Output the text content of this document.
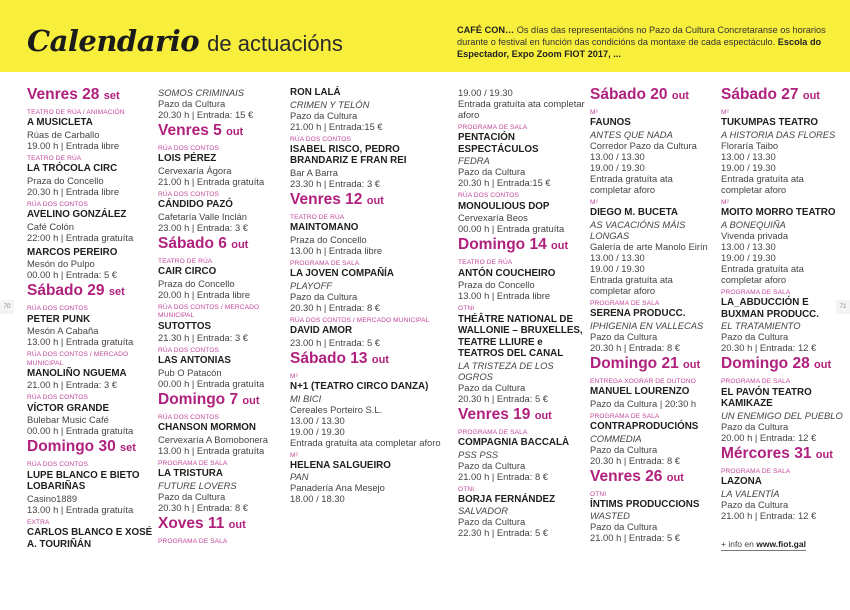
Calendario de actuacións
CAFÉ CON… Os días das representacións no Pazo da Cultura Concretaranse os horarios durante o festival en función das condicións da montaxe de cada espectáculo. Escola do Espectador, Expo Zoom FIOT 2017, ...
70	71
Venres 28 set
TEATRO DE RÚA / ANIMACIÓN
A MUSICLETA
Rúas de Carballo
19.00 h | Entrada libre
TEATRO DE RÚA
LA TRÓCOLA CIRC
Praza do Concello
20.30 h | Entrada libre
RÚA DOS CONTOS
AVELINO GONZÁLEZ
Café Colón
22:00 h | Entrada gratuíta
MARCOS PEREIRO
Mesón do Pulpo
00.00 h | Entrada: 5 €
Sábado 29 set
RÚA DOS CONTOS
PETER PUNK
Mesón A Cabaña
13.00 h | Entrada gratuíta
RÚA DOS CONTOS / MERCADO MUNICIPAL
MANOLIÑO NGUEMA
21.00 h | Entrada: 3 €
RÚA DOS CONTOS
VÍCTOR GRANDE
Bulebar Music Café
00.00 h | Entrada gratuíta
Domingo 30 set
RÚA DOS CONTOS
LUPE BLANCO E BIETO LOBARIÑAS
Casino1889
13.00 h | Entrada gratuíta
EXTRA
CARLOS BLANCO E XOSÉ A. TOURIÑÁN
SOMOS CRIMINAIS
Pazo da Cultura
20.30 h | Entrada: 15 €
Venres 5 out
RÚA DOS CONTOS
LOIS PÉREZ
Cervexaría Ágora
21.00 h | Entrada gratuíta
RÚA DOS CONTOS
CÁNDIDO PAZÓ
Cafetaría Valle Inclán
23.00 h | Entrada: 3 €
Sábado 6 out
TEATRO DE RÚA
CAIR CIRCO
Praza do Concello
20.00 h | Entrada libre
RÚA DOS CONTOS / MERCADO MUNICIPAL
SUTOTTOS
21.30 h | Entrada: 3 €
RÚA DOS CONTOS
LAS ANTONIAS
Pub O Patacón
00.00 h | Entrada gratuíta
Domingo 7 out
RÚA DOS CONTOS
CHANSON MORMON
Cervexaría A Bomobonera
13.00 h | Entrada gratuíta
PROGRAMA DE SALA
LA TRISTURA
FUTURE LOVERS
Pazo da Cultura
20.30 h | Entrada: 8 €
Xoves 11 out
PROGRAMA DE SALA
RON LALÁ
CRIMEN Y TELÓN
Pazo da Cultura
21.00 h | Entrada:15 €
RÚA DOS CONTOS
ISABEL RISCO, PEDRO BRANDARIZ E FRAN REI
Bar A Barra
23.30 h | Entrada: 3 €
Venres 12 out
TEATRO DE RÚA
MAINTOMANO
Praza do Concello
13.00 h | Entrada libre
PROGRAMA DE SALA
LA JOVEN COMPAÑÍA
PLAYOFF
Pazo da Cultura
20.30 h | Entrada: 8 €
RÚA DOS CONTOS / MERCADO MUNICIPAL
DAVID AMOR
23.00 h | Entrada: 5 €
Sábado 13 out
M²
N+1 (TEATRO CIRCO DANZA)
MI BICI
Cereales Porteiro S.L.
13.00 / 13.30
19.00 / 19.30
Entrada gratuíta ata completar aforo
M²
HELENA SALGUEIRO
PAN
Panadería Ana Mesejo
18.00 / 18.30
19.00 / 19.30
Entrada gratuíta ata completar aforo
PROGRAMA DE SALA
PENTACIÓN ESPECTÁCULOS
FEDRA
Pazo da Cultura
20.30 h | Entrada:15 €
RÚA DOS CONTOS
MONOULIOUS DOP
Cervexaría Beos
00.00 h | Entrada gratuíta
Domingo 14 out
TEATRO DE RÚA
ANTÓN COUCHEIRO
Praza do Concello
13.00 h | Entrada libre
OTNI
THÉÂTRE NATIONAL DE WALLONIE – BRUXELLES, TEATRE LLIURE e TEATROS DEL CANAL
LA TRISTEZA DE LOS OGROS
Pazo da Cultura
20.30 h | Entrada: 5 €
Venres 19 out
PROGRAMA DE SALA
COMPAGNIA BACCALÀ
PSS PSS
Pazo da Cultura
21.00 h | Entrada: 8 €
OTNI
BORJA FERNÁNDEZ
SALVADOR
Pazo da Cultura
22.30 h | Entrada: 5 €
Sábado 20 out
M²
FAUNOS
ANTES QUE NADA
Corredor Pazo da Cultura
13.00 / 13.30
19.00 / 19.30
Entrada gratuíta ata completar aforo
M²
DIEGO M. BUCETA
AS VACACIÓNS MÁIS LONGAS
Galería de arte Manolo Eirín
13.00 / 13.30
19.00 / 19.30
Entrada gratuíta ata completar aforo
PROGRAMA DE SALA
SERENA PRODUCC.
IPHIGENIA EN VALLECAS
Pazo da Cultura
20.30 h | Entrada: 8 €
Domingo 21 out
ENTREGA XOGRAR DE OUTONO
MANUEL LOURENZO
Pazo da Cultura | 20:30 h
PROGRAMA DE SALA
CONTRAPRODUCIÓNS
COMMEDIA
Pazo da Cultura
20.30 h | Entrada: 8 €
Venres 26 out
OTNI
ÍNTIMS PRODUCCIONS
WASTED
Pazo da Cultura
21.00 h | Entrada: 5 €
Sábado 27 out
M²
TUKUMPAS TEATRO
A HISTORIA DAS FLORES
Floraría Taibo
13.00 / 13.30
19.00 / 19.30
Entrada gratuíta ata completar aforo
M²
MOITO MORRO TEATRO
A BONEQUIÑA
Vivenda privada
13.00 / 13.30
19.00 / 19.30
Entrada gratuíta ata completar aforo
PROGRAMA DE SALA
LA_ABDUCCIÓN E BUXMAN PRODUCC.
EL TRATAMIENTO
Pazo da Cultura
20.30 h | Entrada: 12 €
Domingo 28 out
PROGRAMA DE SALA
EL PAVÓN TEATRO KAMIKAZE
UN ENEMIGO DEL PUEBLO
Pazo da Cultura
20.00 h | Entrada: 12 €
Mércores 31 out
PROGRAMA DE SALA
LAZONA
LA VALENTÍA
Pazo da Cultura
21.00 h | Entrada: 12 €
+ info en www.fiot.gal
